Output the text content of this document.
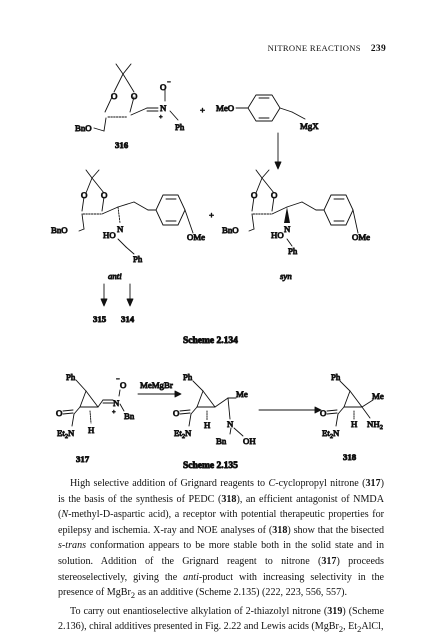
NITRONE REACTIONS 239
O O
O −
N
+
Ph
BnO
316
+ MeO
MgX
O O
BnO	HO
N
Ph
OMe
anti
+
O O
BnO	HO
N
Ph
OMe
syn
315 314
Scheme 2.134
Ph
O
$Et_2N$ H
N
+
O
−
Bn
317
MeMgBr
Ph
O
$Et_2N$
H
Me
N
Bn OH
Ph
O
$Et_2N$
H
Me
$NH_2$
318
Scheme 2.135

High selective addition of Grignard reagents to C-cyclopropyl nitrone (317) is the basis of the synthesis of PEDC (318), an efficient antagonist of NMDA (N-methyl-D-aspartic acid), a receptor with potential therapeutic properties for epilepsy and ischemia. X-ray and NOE analyses of (318) show that the bisected s-trans conformation appears to be more stable both in the solid state and in solution. Addition of the Grignard reagent to nitrone (317) proceeds stereoselectively, giving the anti-product with increasing selectivity in the presence of MgBr$_2$ as an additive (Scheme 2.135) (222, 223, 556, 557).

To carry out enantioselective alkylation of 2-thiazolyl nitrone (319) (Scheme 2.136), chiral additives presented in Fig. 2.22 and Lewis acids (MgBr$_2$, $Et_2AlCl$,
